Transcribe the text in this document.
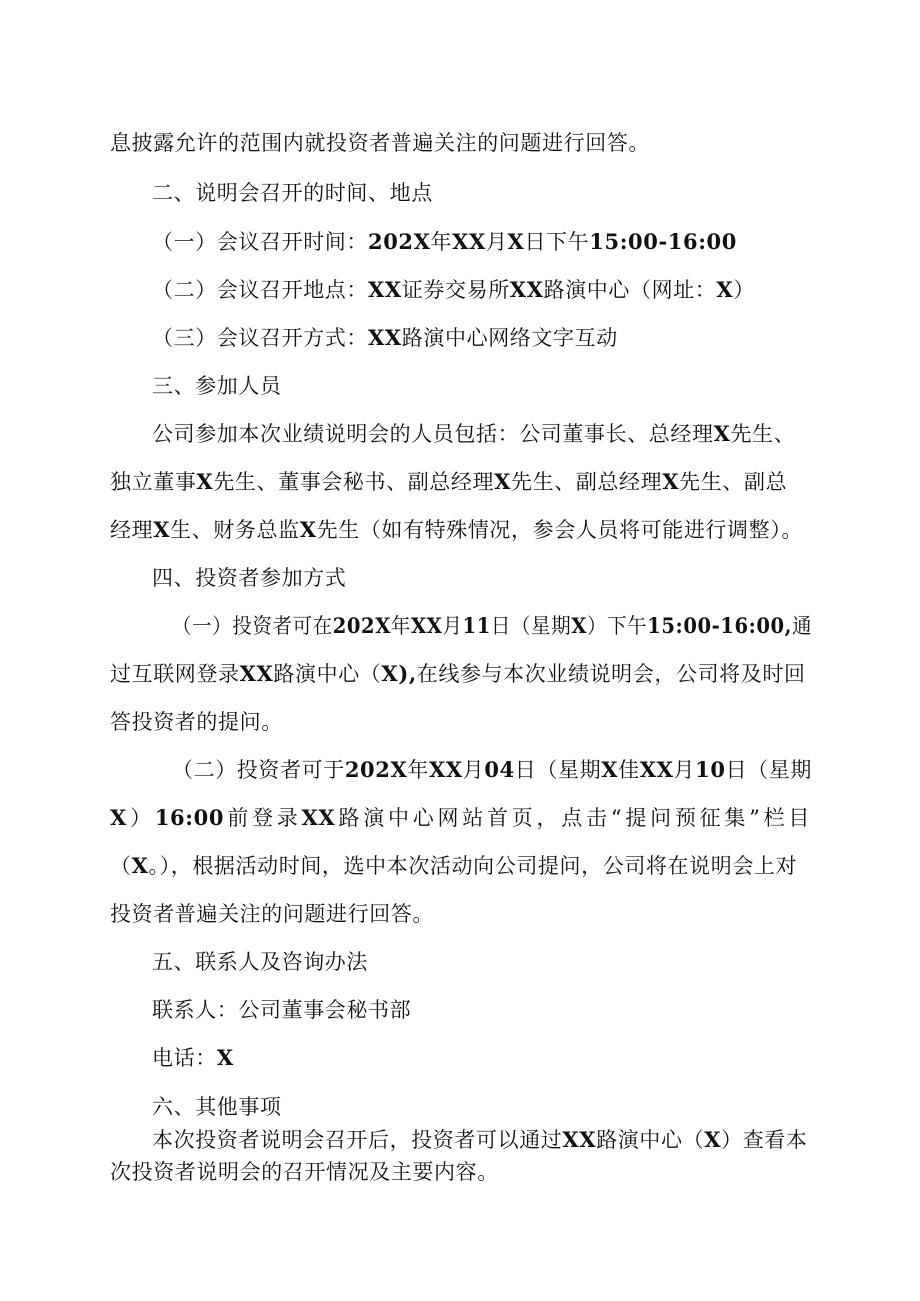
息披露允许的范围内就投资者普遍关注的问题进行回答。
二、说明会召开的时间、地点
（一）会议召开时间：202X年XX月X日下午15:00-16:00
（二）会议召开地点：XX证券交易所XX路演中心（网址：X）
（三）会议召开方式：XX路演中心网络文字互动
三、参加人员
公司参加本次业绩说明会的人员包括：公司董事长、总经理X先生、
独立董事X先生、董事会秘书、副总经理X先生、副总经理X先生、副总
经理X生、财务总监X先生（如有特殊情况，参会人员将可能进行调整）。
四、投资者参加方式
（一）投资者可在202X年XX月11日（星期X）下午15:00-16:00,通
过互联网登录XX路演中心（X),在线参与本次业绩说明会，公司将及时回
答投资者的提问。
（二）投资者可于202X年XX月04日（星期X佳XX月10日（星期
X）16:00前登录XX路演中心网站首页，点击“提问预征集”栏目
（X。），根据活动时间，选中本次活动向公司提问，公司将在说明会上对
投资者普遍关注的问题进行回答。
五、联系人及咨询办法
联系人：公司董事会秘书部
电话：X
六、其他事项
本次投资者说明会召开后，投资者可以通过XX路演中心（X）查看本
次投资者说明会的召开情况及主要内容。
